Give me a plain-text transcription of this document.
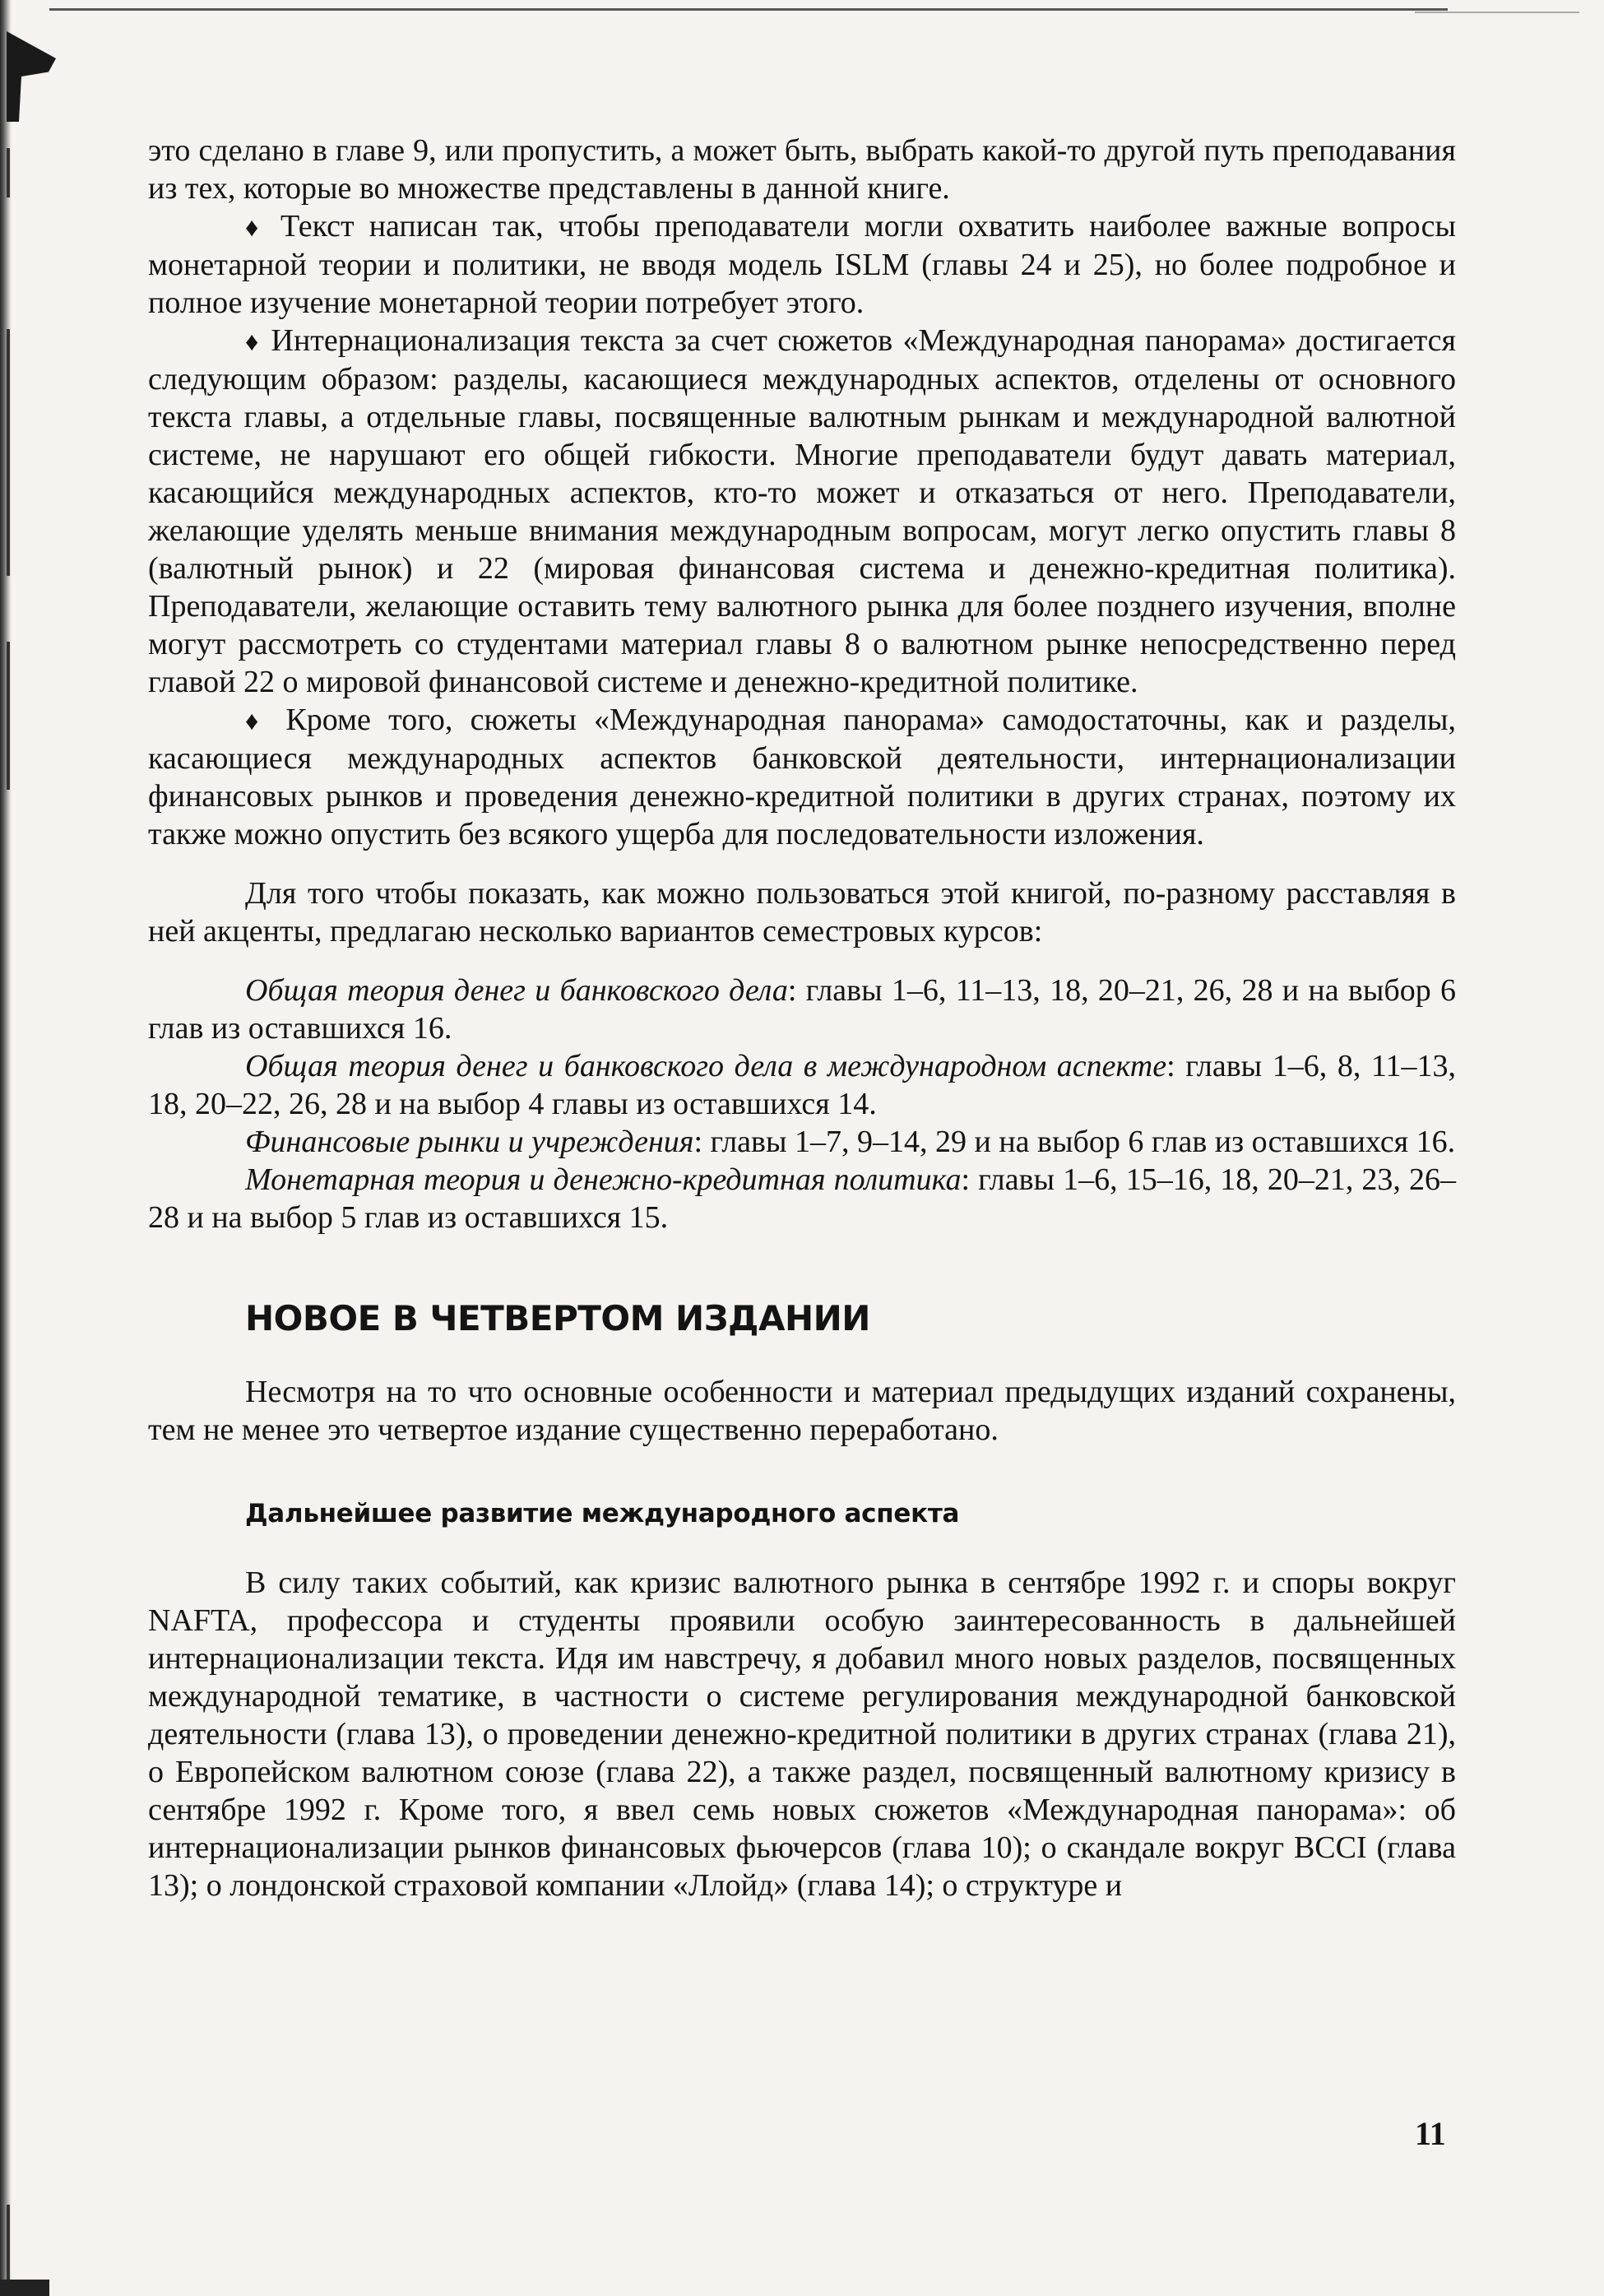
это сделано в главе 9, или пропустить, а может быть, выбрать какой-то другой путь преподавания из тех, которые во множестве представлены в данной книге.

♦ Текст написан так, чтобы преподаватели могли охватить наиболее важные вопросы монетарной теории и политики, не вводя модель ISLM (главы 24 и 25), но более подробное и полное изучение монетарной теории потребует этого.

♦ Интернационализация текста за счет сюжетов «Международная панорама» достигается следующим образом: разделы, касающиеся международных аспектов, отделены от основного текста главы, а отдельные главы, посвященные валютным рынкам и международной валютной системе, не нарушают его общей гибкости. Многие преподаватели будут давать материал, касающийся международных аспектов, кто-то может и отказаться от него. Преподаватели, желающие уделять меньше внимания международным вопросам, могут легко опустить главы 8 (валютный рынок) и 22 (мировая финансовая система и денежно-кредитная политика). Преподаватели, желающие оставить тему валютного рынка для более позднего изучения, вполне могут рассмотреть со студентами материал главы 8 о валютном рынке непосредственно перед главой 22 о мировой финансовой системе и денежно-кредитной политике.

♦ Кроме того, сюжеты «Международная панорама» самодостаточны, как и разделы, касающиеся международных аспектов банковской деятельности, интернационализации финансовых рынков и проведения денежно-кредитной политики в других странах, поэтому их также можно опустить без всякого ущерба для последовательности изложения.

Для того чтобы показать, как можно пользоваться этой книгой, по-разному расставляя в ней акценты, предлагаю несколько вариантов семестровых курсов:

Общая теория денег и банковского дела: главы 1–6, 11–13, 18, 20–21, 26, 28 и на выбор 6 глав из оставшихся 16.

Общая теория денег и банковского дела в международном аспекте: главы 1–6, 8, 11–13, 18, 20–22, 26, 28 и на выбор 4 главы из оставшихся 14.

Финансовые рынки и учреждения: главы 1–7, 9–14, 29 и на выбор 6 глав из оставшихся 16.

Монетарная теория и денежно-кредитная политика: главы 1–6, 15–16, 18, 20–21, 23, 26–28 и на выбор 5 глав из оставшихся 15.

НОВОЕ В ЧЕТВЕРТОМ ИЗДАНИИ

Несмотря на то что основные особенности и материал предыдущих изданий сохранены, тем не менее это четвертое издание существенно переработано.

Дальнейшее развитие международного аспекта

В силу таких событий, как кризис валютного рынка в сентябре 1992 г. и споры вокруг NAFTA, профессора и студенты проявили особую заинтересованность в дальнейшей интернационализации текста. Идя им навстречу, я добавил много новых разделов, посвященных международной тематике, в частности о системе регулирования международной банковской деятельности (глава 13), о проведении денежно-кредитной политики в других странах (глава 21), о Европейском валютном союзе (глава 22), а также раздел, посвященный валютному кризису в сентябре 1992 г. Кроме того, я ввел семь новых сюжетов «Международная панорама»: об интернационализации рынков финансовых фьючерсов (глава 10); о скандале вокруг BCCI (глава 13); о лондонской страховой компании «Ллойд» (глава 14); о структуре и

11
